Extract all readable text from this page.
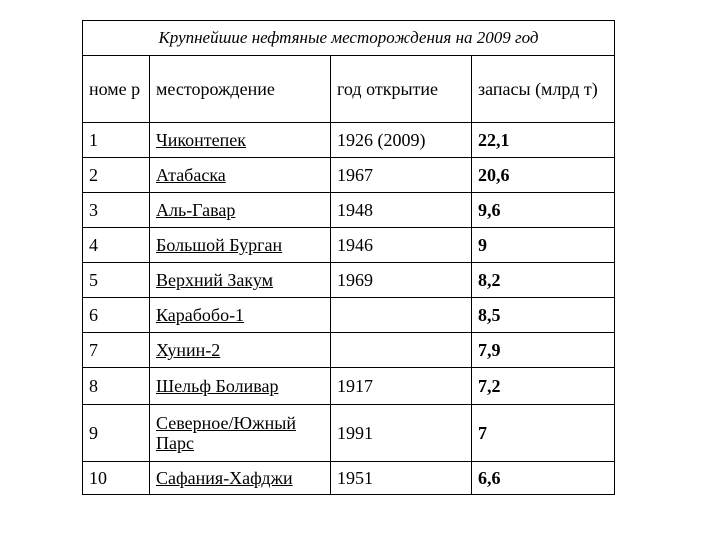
Крупнейшие нефтяные месторождения на 2009 год			
номе р	месторождение	год открытие	запасы (млрд т)
1	Чиконтепек	1926 (2009)	22,1
2	Атабаска	1967	20,6
3	Аль-Гавар	1948	9,6
4	Большой Бурган	1946	9
5	Верхний Закум	1969	8,2
6	Карабобо-1		8,5
7	Хунин-2		7,9
8	Шельф Боливар	1917	7,2
9	Северное/Южный Парс	1991	7
10	Сафания-Хафджи	1951	6,6
